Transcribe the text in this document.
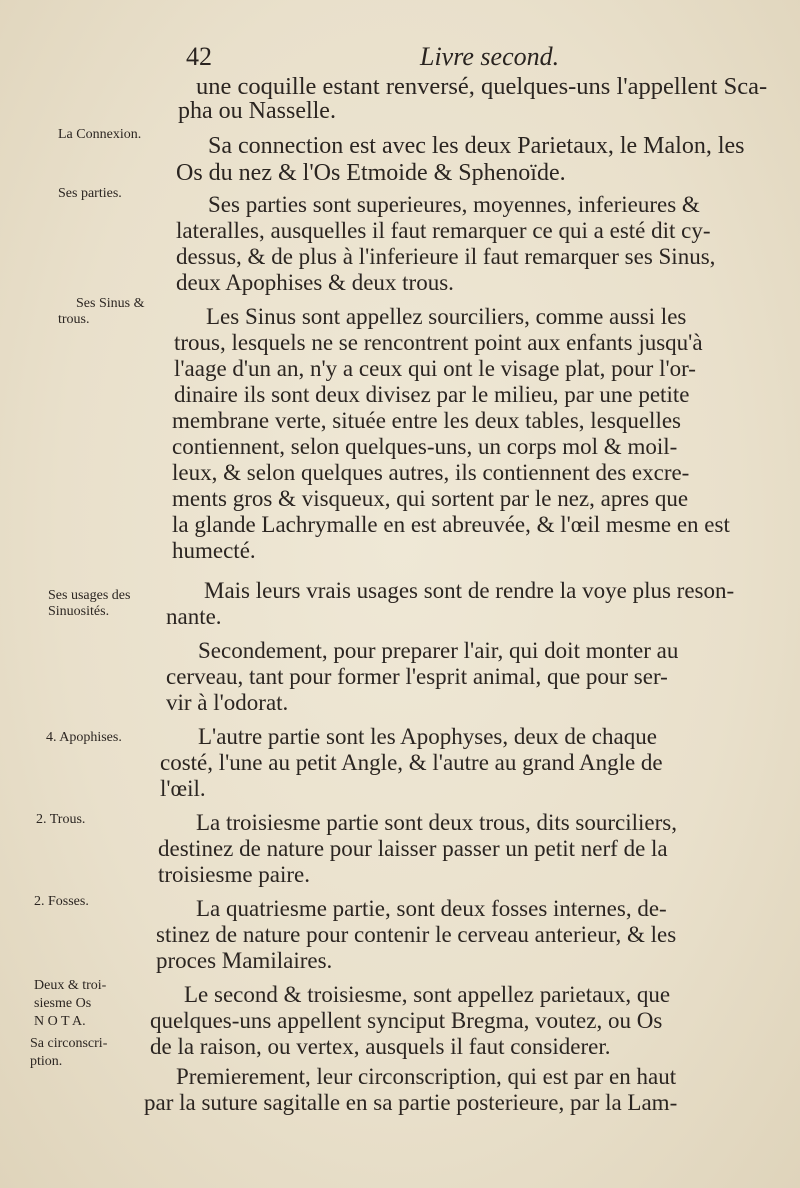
42	Livre second.
une coquille estant renversé, quelques-uns l'appellent Sca-
pha ou Nasselle.
Sa connection est avec les deux Parietaux, le Malon, les
Os du nez & l'Os Etmoide & Sphenoïde.
Ses parties sont superieures, moyennes, inferieures &
lateralles, ausquelles il faut remarquer ce qui a esté dit cy-
dessus, & de plus à l'inferieure il faut remarquer ses Sinus,
deux Apophises & deux trous.
Les Sinus sont appellez sourciliers, comme aussi les
trous, lesquels ne se rencontrent point aux enfants jusqu'à
l'aage d'un an, n'y a ceux qui ont le visage plat, pour l'or-
dinaire ils sont deux divisez par le milieu, par une petite
membrane verte, située entre les deux tables, lesquelles
contiennent, selon quelques-uns, un corps mol & moil-
leux, & selon quelques autres, ils contiennent des excre-
ments gros & visqueux, qui sortent par le nez, apres que
la glande Lachrymalle en est abreuvée, & l'œil mesme en est
humecté.
Mais leurs vrais usages sont de rendre la voye plus reson-
nante.
Secondement, pour preparer l'air, qui doit monter au
cerveau, tant pour former l'esprit animal, que pour ser-
vir à l'odorat.
L'autre partie sont les Apophyses, deux de chaque
costé, l'une au petit Angle, & l'autre au grand Angle de
l'œil.
La troisiesme partie sont deux trous, dits sourciliers,
destinez de nature pour laisser passer un petit nerf de la
troisiesme paire.
La quatriesme partie, sont deux fosses internes, de-
stinez de nature pour contenir le cerveau anterieur, & les
proces Mamilaires.
Le second & troisiesme, sont appellez parietaux, que
quelques-uns appellent synciput Bregma, voutez, ou Os
de la raison, ou vertex, ausquels il faut considerer.
Premierement, leur circonscription, qui est par en haut
par la suture sagitalle en sa partie posterieure, par la Lam-
La Connexion.
Ses parties.
Ses Sinus &
trous.
Ses usages des
Sinuosités.
4. Apophises.
2. Trous.
2. Fosses.
Deux & troi-
siesme Os
N O T A.
Sa circonscri-
ption.
